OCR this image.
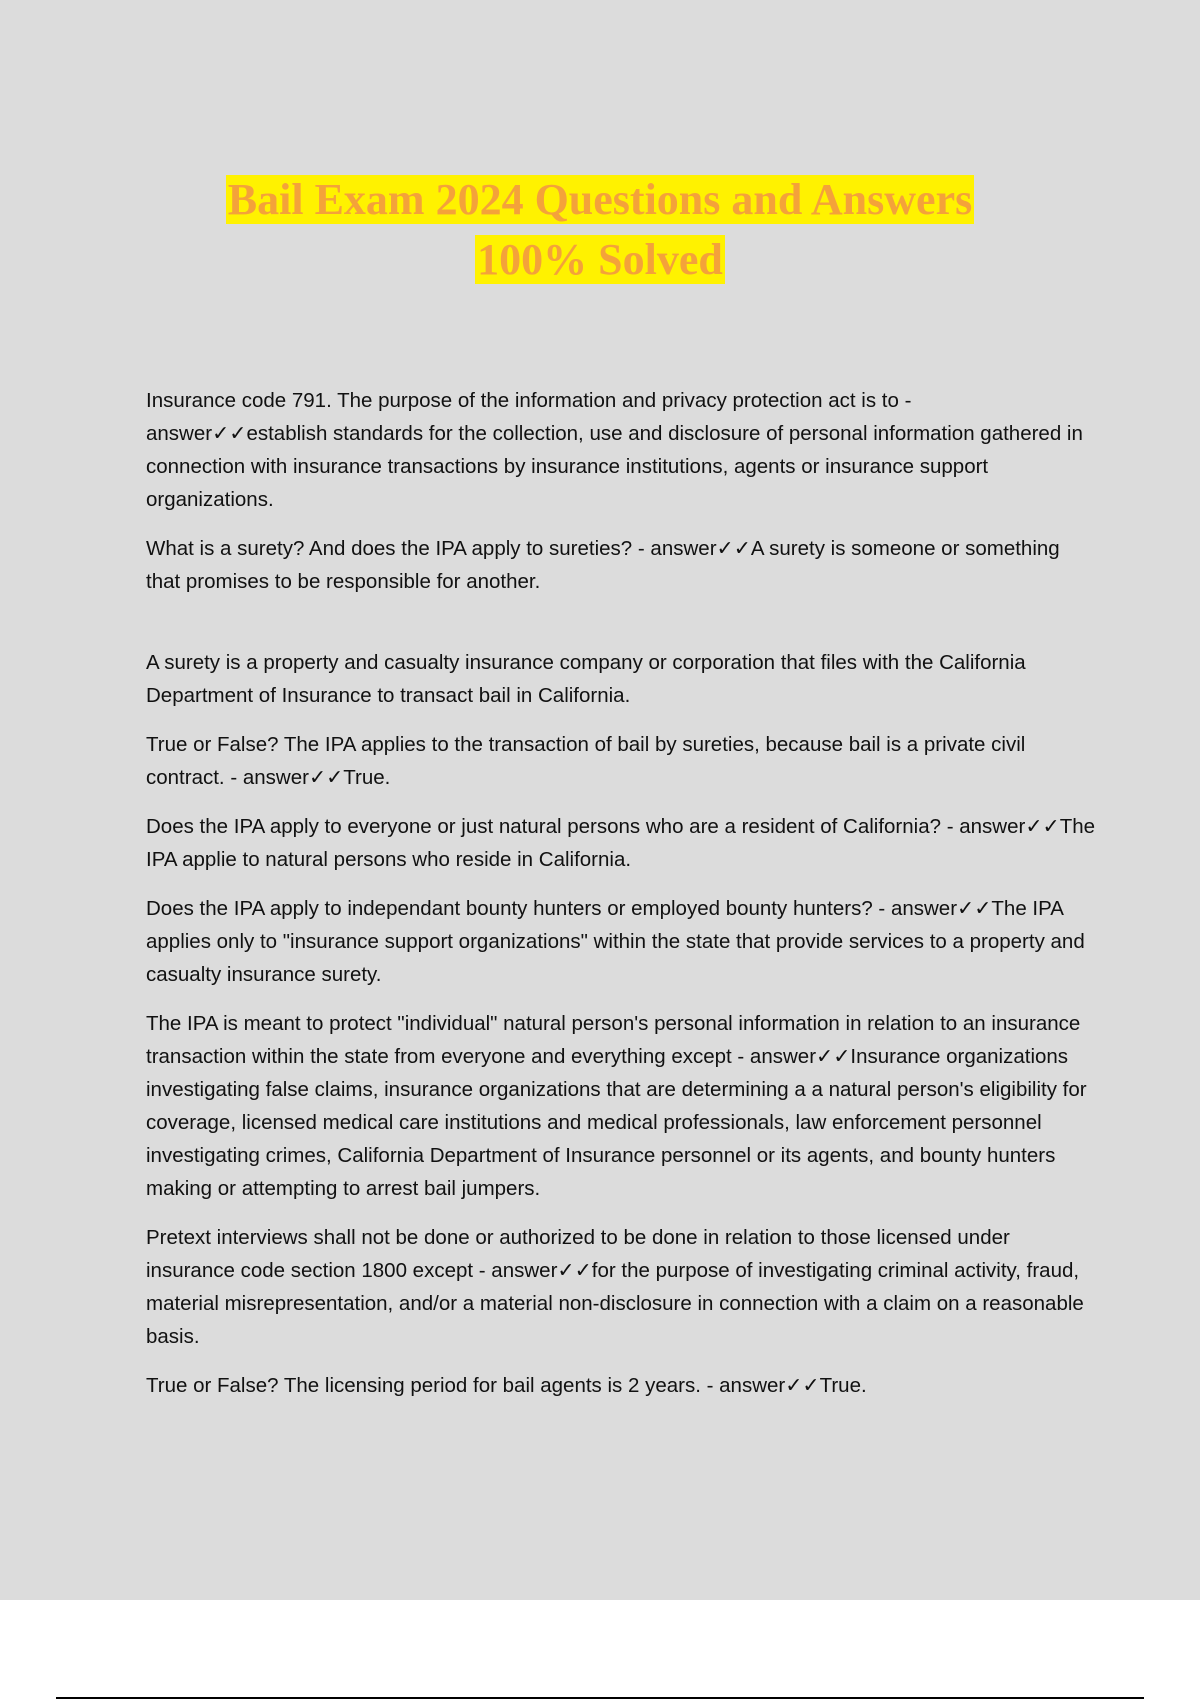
Bail Exam 2024 Questions and Answers

100% Solved

Insurance code 791. The purpose of the information and privacy protection act is to - answer✓✓establish standards for the collection, use and disclosure of personal information gathered in connection with insurance transactions by insurance institutions, agents or insurance support organizations.

What is a surety? And does the IPA apply to sureties? - answer✓✓A surety is someone or something that promises to be responsible for another.

A surety is a property and casualty insurance company or corporation that files with the California Department of Insurance to transact bail in California.

True or False? The IPA applies to the transaction of bail by sureties, because bail is a private civil contract. - answer✓✓True.

Does the IPA apply to everyone or just natural persons who are a resident of California? - answer✓✓The IPA applie to natural persons who reside in California.

Does the IPA apply to independant bounty hunters or employed bounty hunters? - answer✓✓The IPA applies only to "insurance support organizations" within the state that provide services to a property and casualty insurance surety.

The IPA is meant to protect "individual" natural person's personal information in relation to an insurance transaction within the state from everyone and everything except - answer✓✓Insurance organizations investigating false claims, insurance organizations that are determining a a natural person's eligibility for coverage, licensed medical care institutions and medical professionals, law enforcement personnel investigating crimes, California Department of Insurance personnel or its agents, and bounty hunters making or attempting to arrest bail jumpers.

Pretext interviews shall not be done or authorized to be done in relation to those licensed under insurance code section 1800 except - answer✓✓for the purpose of investigating criminal activity, fraud, material misrepresentation, and/or a material non-disclosure in connection with a claim on a reasonable basis.

True or False? The licensing period for bail agents is 2 years. - answer✓✓True.
